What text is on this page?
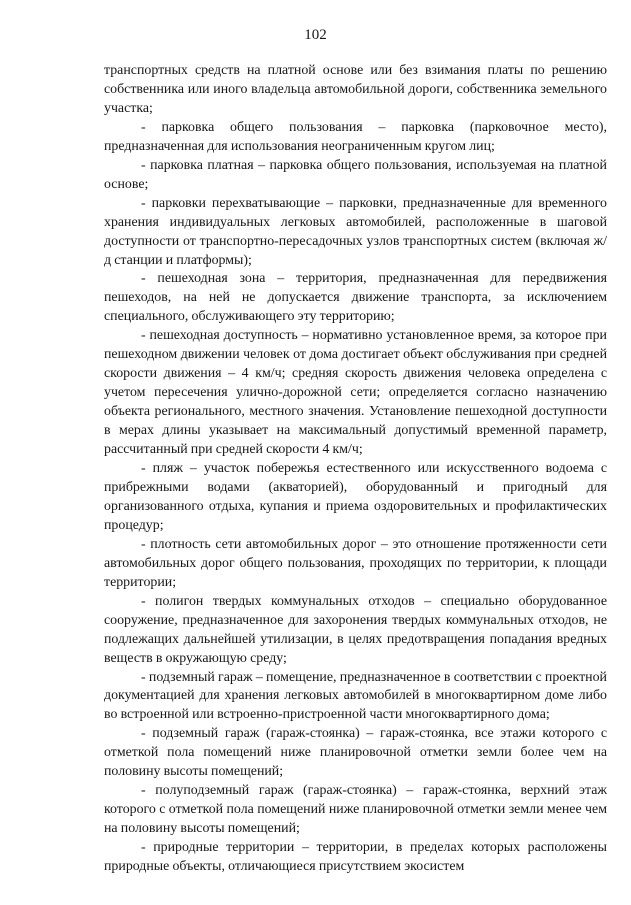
102

транспортных средств на платной основе или без взимания платы по решению собственника или иного владельца автомобильной дороги, собственника земельного участка;

- парковка общего пользования – парковка (парковочное место), предназначенная для использования неограниченным кругом лиц;

- парковка платная – парковка общего пользования, используемая на платной основе;

- парковки перехватывающие – парковки, предназначенные для временного хранения индивидуальных легковых автомобилей, расположенные в шаговой доступности от транспортно-пересадочных узлов транспортных систем (включая ж/д станции и платформы);

- пешеходная зона – территория, предназначенная для передвижения пешеходов, на ней не допускается движение транспорта, за исключением специального, обслуживающего эту территорию;

- пешеходная доступность – нормативно установленное время, за которое при пешеходном движении человек от дома достигает объект обслуживания при средней скорости движения – 4 км/ч; средняя скорость движения человека определена с учетом пересечения улично-дорожной сети; определяется согласно назначению объекта регионального, местного значения. Установление пешеходной доступности в мерах длины указывает на максимальный допустимый временной параметр, рассчитанный при средней скорости 4 км/ч;

- пляж – участок побережья естественного или искусственного водоема с прибрежными водами (акваторией), оборудованный и пригодный для организованного отдыха, купания и приема оздоровительных и профилактических процедур;

- плотность сети автомобильных дорог – это отношение протяженности сети автомобильных дорог общего пользования, проходящих по территории, к площади территории;

- полигон твердых коммунальных отходов – специально оборудованное сооружение, предназначенное для захоронения твердых коммунальных отходов, не подлежащих дальнейшей утилизации, в целях предотвращения попадания вредных веществ в окружающую среду;

- подземный гараж – помещение, предназначенное в соответствии с проектной документацией для хранения легковых автомобилей в многоквартирном доме либо во встроенной или встроенно-пристроенной части многоквартирного дома;

- подземный гараж (гараж-стоянка) – гараж-стоянка, все этажи которого с отметкой пола помещений ниже планировочной отметки земли более чем на половину высоты помещений;

- полуподземный гараж (гараж-стоянка) – гараж-стоянка, верхний этаж которого с отметкой пола помещений ниже планировочной отметки земли менее чем на половину высоты помещений;

- природные территории – территории, в пределах которых расположены природные объекты, отличающиеся присутствием экосистем
